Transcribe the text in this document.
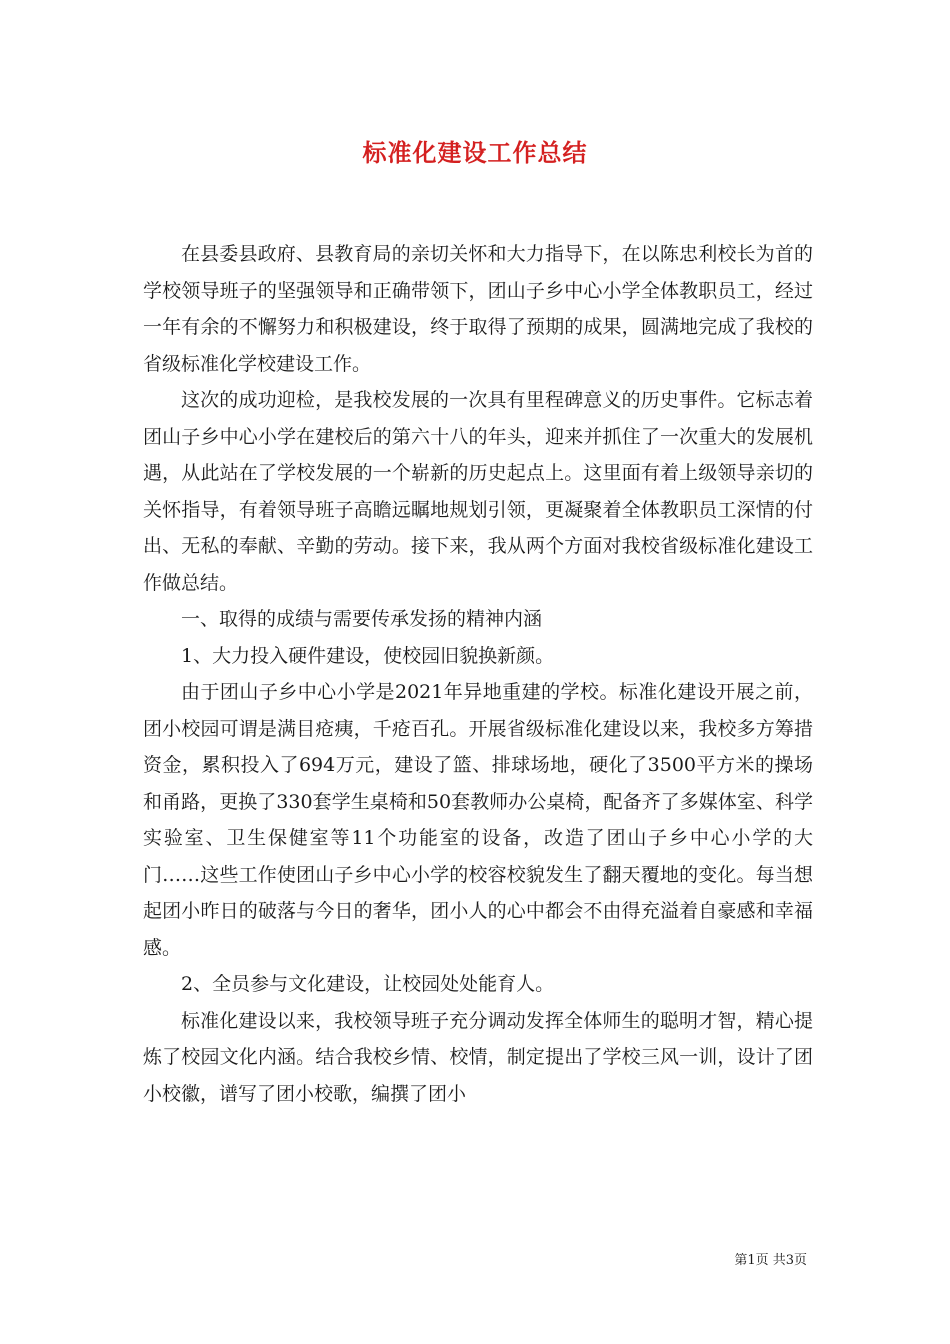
标准化建设工作总结

在县委县政府、县教育局的亲切关怀和大力指导下，在以陈忠利校长为首的学校领导班子的坚强领导和正确带领下，团山子乡中心小学全体教职员工，经过一年有余的不懈努力和积极建设，终于取得了预期的成果，圆满地完成了我校的省级标准化学校建设工作。

这次的成功迎检，是我校发展的一次具有里程碑意义的历史事件。它标志着团山子乡中心小学在建校后的第六十八的年头，迎来并抓住了一次重大的发展机遇，从此站在了学校发展的一个崭新的历史起点上。这里面有着上级领导亲切的关怀指导，有着领导班子高瞻远瞩地规划引领，更凝聚着全体教职员工深情的付出、无私的奉献、辛勤的劳动。接下来，我从两个方面对我校省级标准化建设工作做总结。

一、取得的成绩与需要传承发扬的精神内涵

1、大力投入硬件建设，使校园旧貌换新颜。

由于团山子乡中心小学是2021年异地重建的学校。标准化建设开展之前，团小校园可谓是满目疮痍，千疮百孔。开展省级标准化建设以来，我校多方筹措资金，累积投入了694万元，建设了篮、排球场地，硬化了3500平方米的操场和甬路，更换了330套学生桌椅和50套教师办公桌椅，配备齐了多媒体室、科学实验室、卫生保健室等11个功能室的设备，改造了团山子乡中心小学的大门……这些工作使团山子乡中心小学的校容校貌发生了翻天覆地的变化。每当想起团小昨日的破落与今日的奢华，团小人的心中都会不由得充溢着自豪感和幸福感。

2、全员参与文化建设，让校园处处能育人。

标准化建设以来，我校领导班子充分调动发挥全体师生的聪明才智，精心提炼了校园文化内涵。结合我校乡情、校情，制定提出了学校三风一训，设计了团小校徽，谱写了团小校歌，编撰了团小

第1页 共3页
